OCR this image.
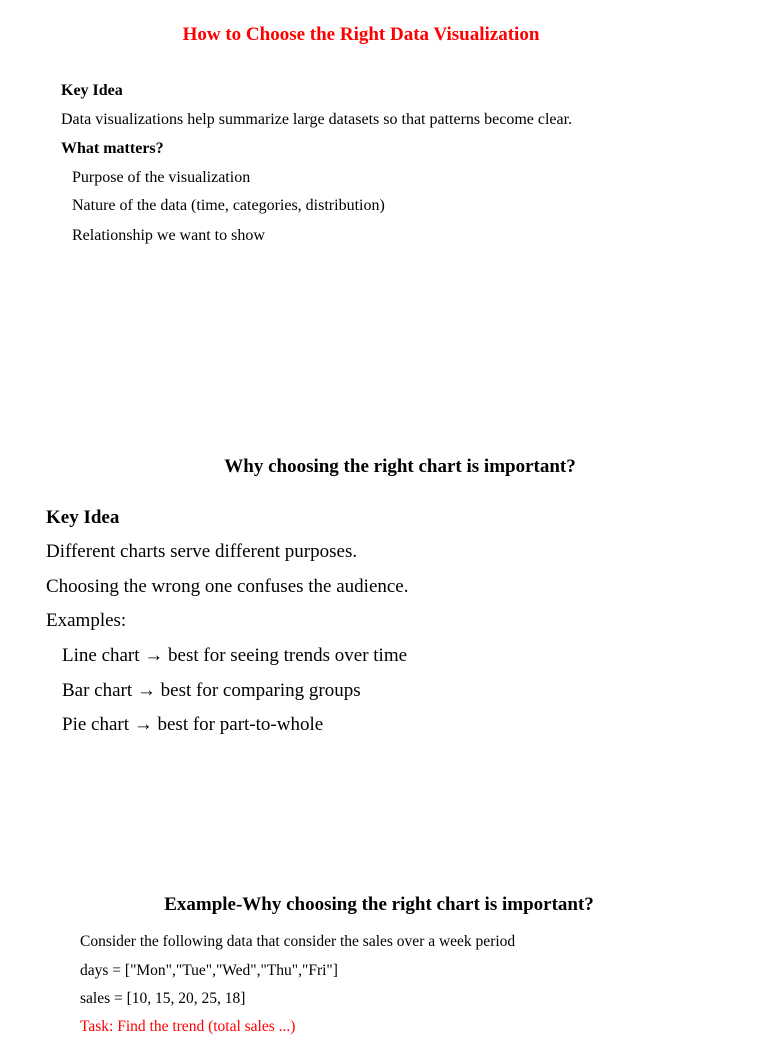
How to Choose the Right Data Visualization
Key Idea
Data visualizations help summarize large datasets so that patterns become clear.
What matters?
Purpose of the visualization
Nature of the data (time, categories, distribution)
Relationship we want to show
Why choosing the right chart is important?
Key Idea
Different charts serve different purposes.
Choosing the wrong one confuses the audience.
Examples:
Line chart → best for seeing trends over time
Bar chart → best for comparing groups
Pie chart → best for part-to-whole
Example-Why choosing the right chart is important?
Consider the following data that consider the sales over a week period
days = ["Mon","Tue","Wed","Thu","Fri"]
sales = [10, 15, 20, 25, 18]
Task: Find the trend (total sales ...)
